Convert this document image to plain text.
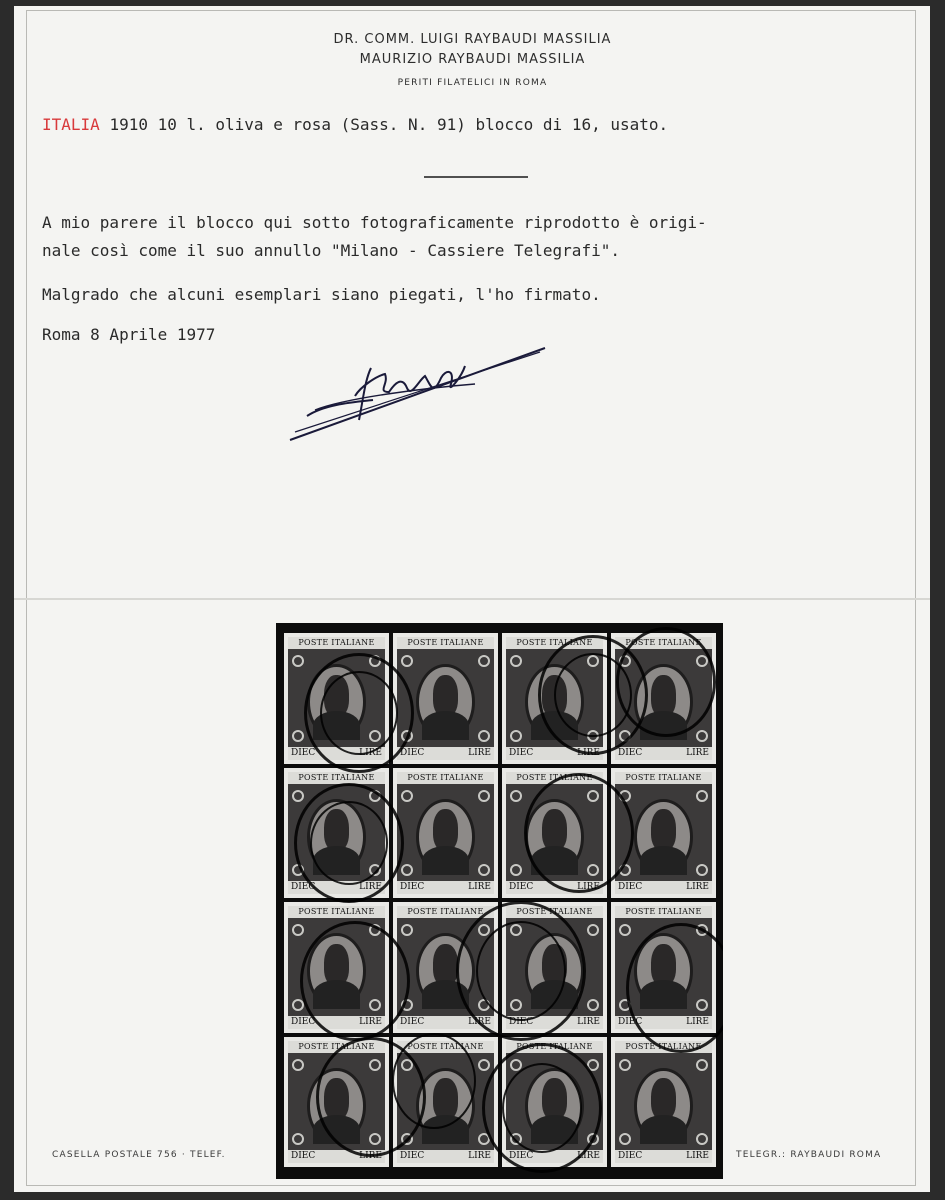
DR. COMM. LUIGI RAYBAUDI MASSILIA
MAURIZIO RAYBAUDI MASSILIA
PERITI FILATELICI IN ROMA
ITALIA 1910 10 l. oliva e rosa (Sass. N. 91) blocco di 16, usato.
A mio parere il blocco qui sotto fotograficamente riprodotto è origi-
nale così come il suo annullo "Milano - Cassiere Telegrafi".
Malgrado che alcuni esemplari siano piegati, l'ho firmato.
Roma 8 Aprile 1977
POSTE ITALIANE
DIEC	LIRE
POSTE ITALIANE
DIEC	LIRE
POSTE ITALIANE
DIEC	LIRE
POSTE ITALIANE
DIEC	LIRE
POSTE ITALIANE
DIEC	LIRE
POSTE ITALIANE
DIEC	LIRE
POSTE ITALIANE
DIEC	LIRE
POSTE ITALIANE
DIEC	LIRE
POSTE ITALIANE
DIEC	LIRE
POSTE ITALIANE
DIEC	LIRE
POSTE ITALIANE
DIEC	LIRE
POSTE ITALIANE
DIEC	LIRE
POSTE ITALIANE
DIEC	LIRE
POSTE ITALIANE
DIEC	LIRE
POSTE ITALIANE
DIEC	LIRE
POSTE ITALIANE
DIEC	LIRE
CASELLA POSTALE 756 · TELEF.	TELEGR.: RAYBAUDI ROMA
